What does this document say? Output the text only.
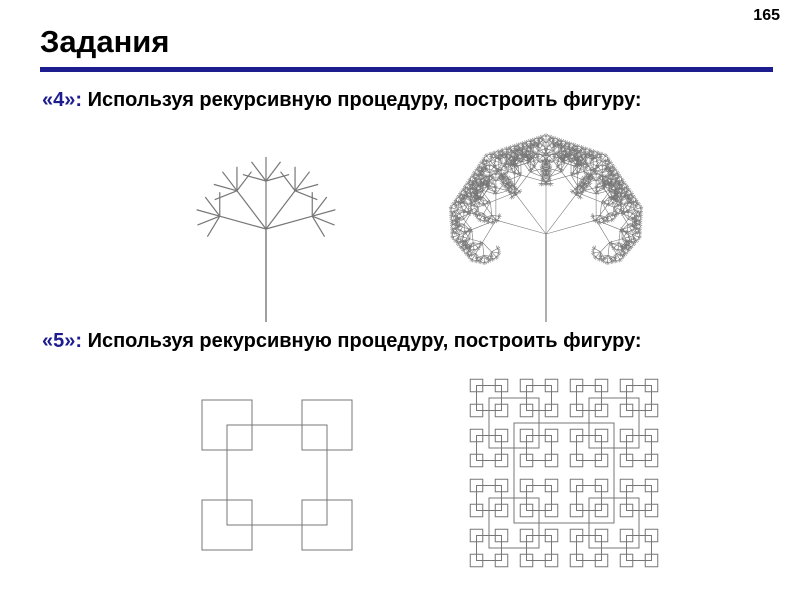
165
Задания
«4»: Используя рекурсивную процедуру, построить фигуру:
«5»: Используя рекурсивную процедуру, построить фигуру:
